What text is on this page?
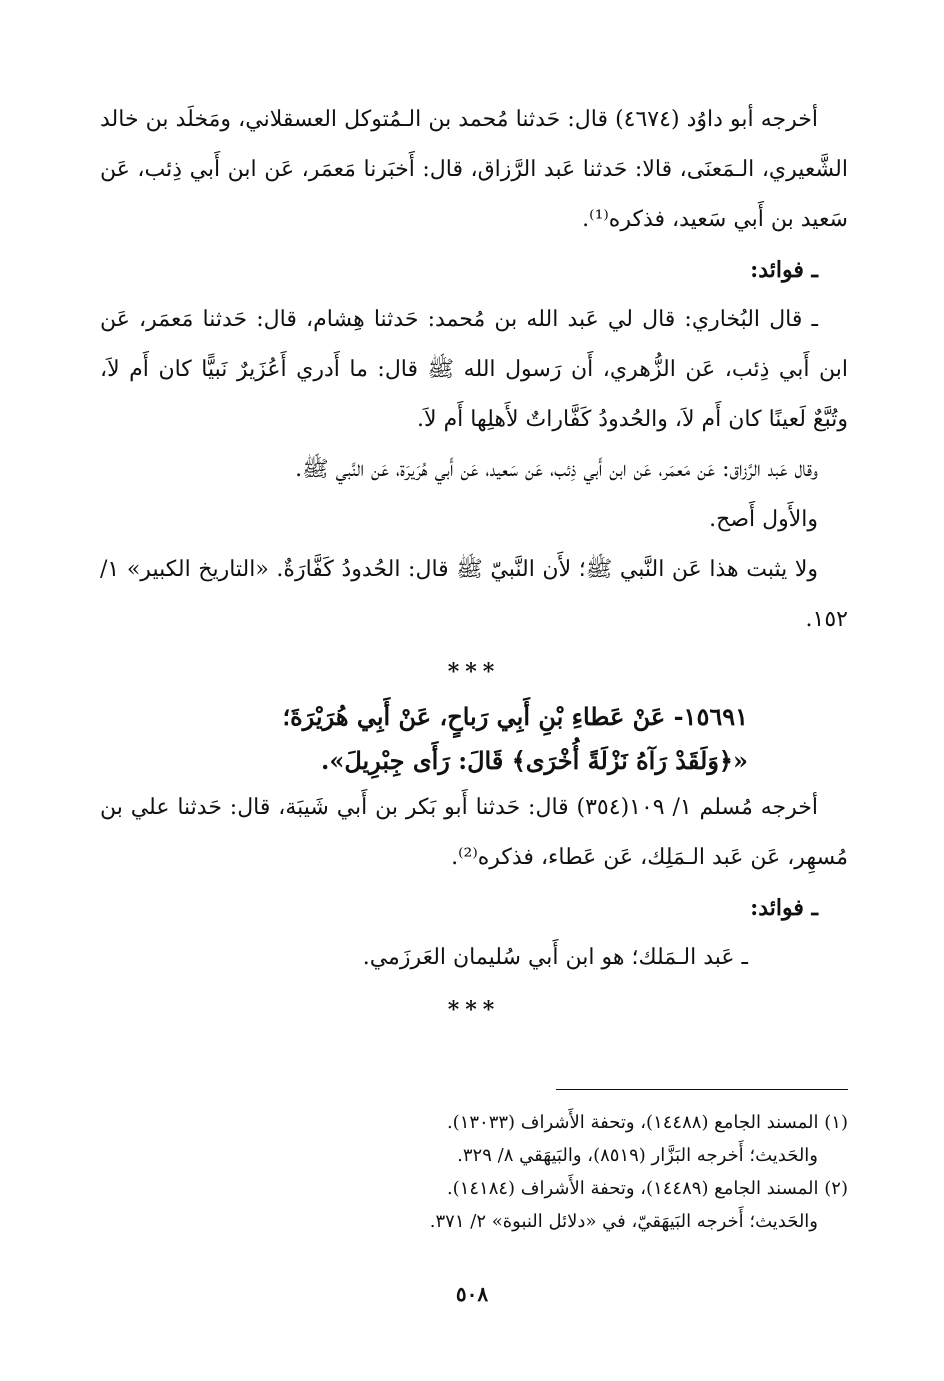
أخرجه أبو داوُد (٤٦٧٤) قال: حَدثنا مُحمد بن الـمُتوكل العسقلاني، ومَخلَد بن خالد الشَّعيري، الـمَعنَى، قالا: حَدثنا عَبد الرَّزاق، قال: أَخبَرنا مَعمَر، عَن ابن أَبي ذِئب، عَن سَعيد بن أَبي سَعيد، فذكره⁽¹⁾.

ـ فوائد:

ـ قال البُخاري: قال لي عَبد الله بن مُحمد: حَدثنا هِشام، قال: حَدثنا مَعمَر، عَن ابن أَبي ذِئب، عَن الزُّهري، أَن رَسول الله ﷺ قال: ما أَدري أَعُزَيرٌ نَبيًّا كان أَم لاَ، وتُبَّعٌ لَعينًا كان أَم لاَ، والحُدودُ كَفَّاراتٌ لأَهلِها أَم لاَ.

وقال عَبد الرَّزاق: عَن مَعمَر، عَن ابن أَبي ذِئب، عَن سَعيد، عَن أَبي هُرَيرَة، عَن النَّبي ﷺ.

والأَول أَصح.

ولا يثبت هذا عَن النَّبي ﷺ؛ لأَن النَّبيّ ﷺ قال: الحُدودُ كَفَّارَةٌ. «التاريخ الكبير» ١/ ١٥٢.

***

١٥٦٩١- عَنْ عَطاءِ بْنِ أَبِي رَباحٍ، عَنْ أَبِي هُرَيْرَةَ؛

«﴿وَلَقَدْ رَآهُ نَزْلَةً أُخْرَى﴾ قَالَ: رَأَى جِبْرِيلَ».

أخرجه مُسلم ١/ ١٠٩(٣٥٤) قال: حَدثنا أَبو بَكر بن أَبي شَيبَة، قال: حَدثنا علي بن مُسهِر، عَن عَبد الـمَلِك، عَن عَطاء، فذكره⁽²⁾.

ـ فوائد:

ـ عَبد الـمَلك؛ هو ابن أَبي سُليمان العَرزَمي.

***

(١) المسند الجامع (١٤٤٨٨)، وتحفة الأَشراف (١٣٠٣٣).

والحَديث؛ أَخرجه البَزَّار (٨٥١٩)، والبَيهَقي ٨/ ٣٢٩.

(٢) المسند الجامع (١٤٤٨٩)، وتحفة الأَشراف (١٤١٨٤).

والحَديث؛ أَخرجه البَيهَقيّ، في «دلائل النبوة» ٢/ ٣٧١.

٥٠٨
